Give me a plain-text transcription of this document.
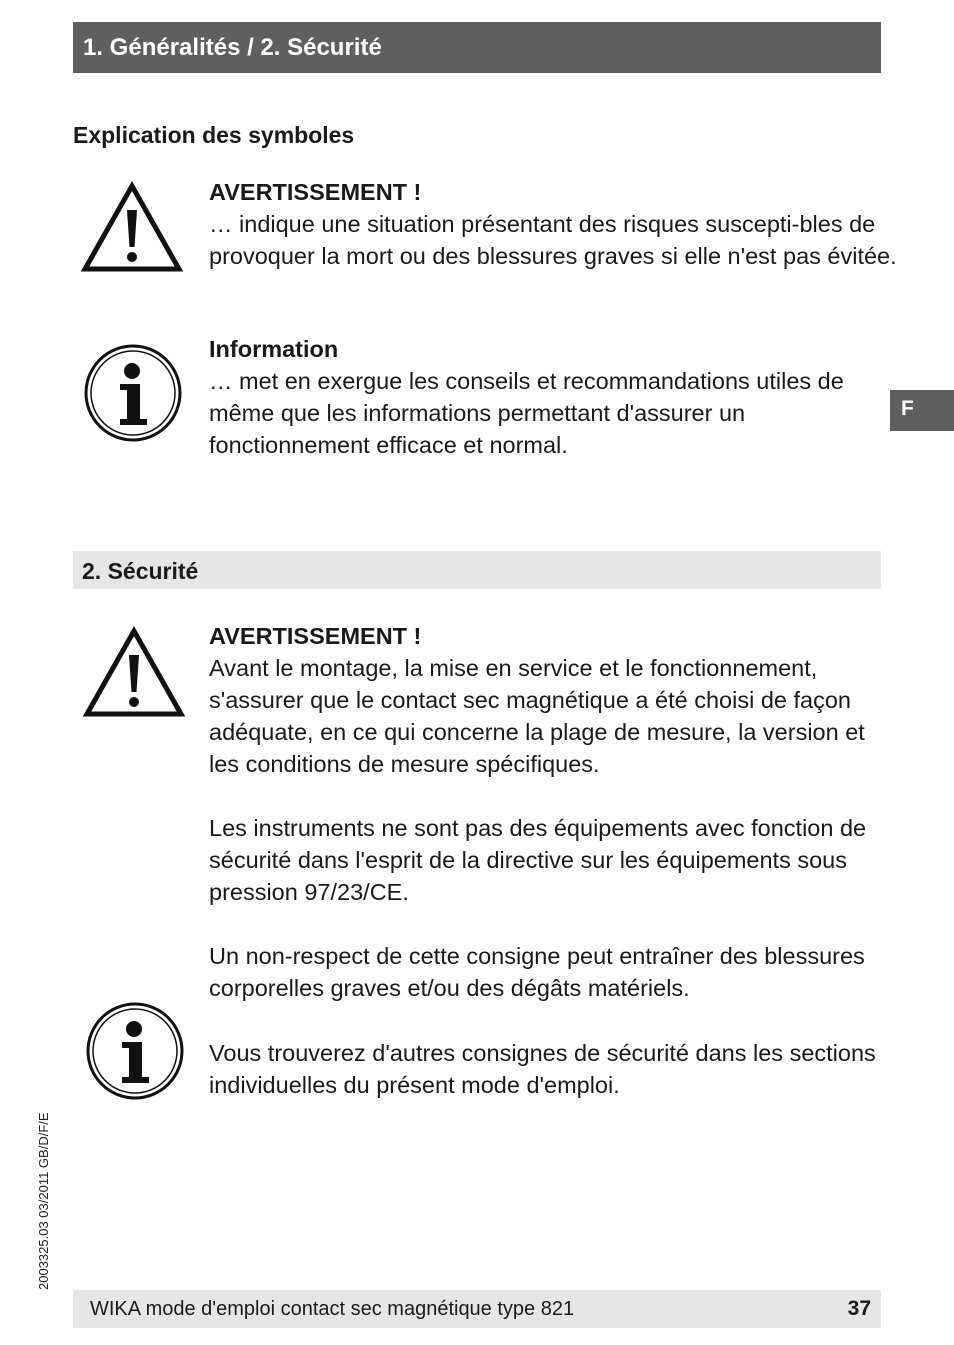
1. Généralités / 2. Sécurité
Explication des symboles
AVERTISSEMENT !

… indique une situation présentant des risques suscepti-bles de provoquer la mort ou des blessures graves si elle n'est pas évitée.

Information

… met en exergue les conseils et recommandations utiles de même que les informations permettant d'assurer un fonctionnement efficace et normal.

F
2. Sécurité
AVERTISSEMENT !

Avant le montage, la mise en service et le fonctionnement, s'assurer que le contact sec magnétique a été choisi de façon adéquate, en ce qui concerne la plage de mesure, la version et les conditions de mesure spécifiques.

Les instruments ne sont pas des équipements avec fonction de sécurité dans l'esprit de la directive sur les équipements sous pression 97/23/CE.

Un non-respect de cette consigne peut entraîner des blessures corporelles graves et/ou des dégâts matériels.

Vous trouverez d'autres consignes de sécurité dans les sections individuelles du présent mode d'emploi.

2003325.03 03/2011 GB/D/F/E
WIKA mode d'emploi contact sec magnétique type 821	37
